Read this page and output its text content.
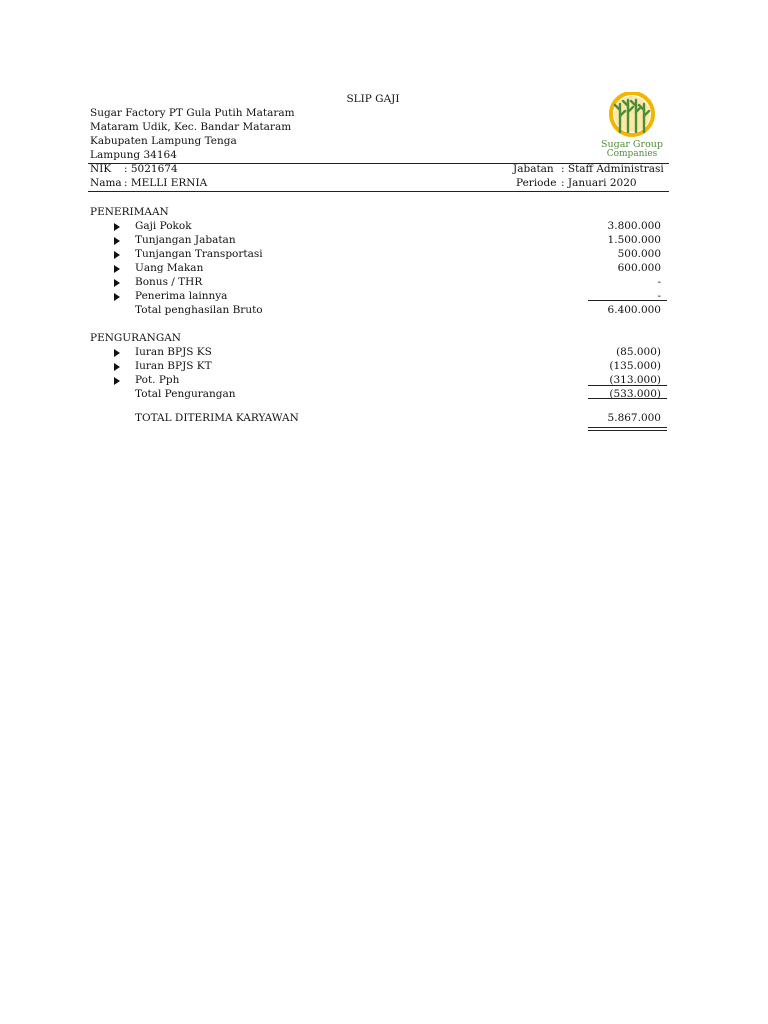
SLIP GAJI
Sugar Factory PT Gula Putih Mataram
Mataram Udik, Kec. Bandar Mataram
Kabupaten Lampung Tenga
Lampung 34164
Sugar Group
Companies
NIK : 5021674
Nama : MELLI ERNIA
Jabatan : Staff Administrasi
Periode : Januari 2020
PENERIMAAN
Gaji Pokok	3.800.000
Tunjangan Jabatan	1.500.000
Tunjangan Transportasi	500.000
Uang Makan	600.000
Bonus / THR	-
Penerima lainnya	-
Total penghasilan Bruto	6.400.000
PENGURANGAN
Iuran BPJS KS	(85.000)
Iuran BPJS KT	(135.000)
Pot. Pph	(313.000)
Total Pengurangan	(533.000)
TOTAL DITERIMA KARYAWAN	5.867.000
